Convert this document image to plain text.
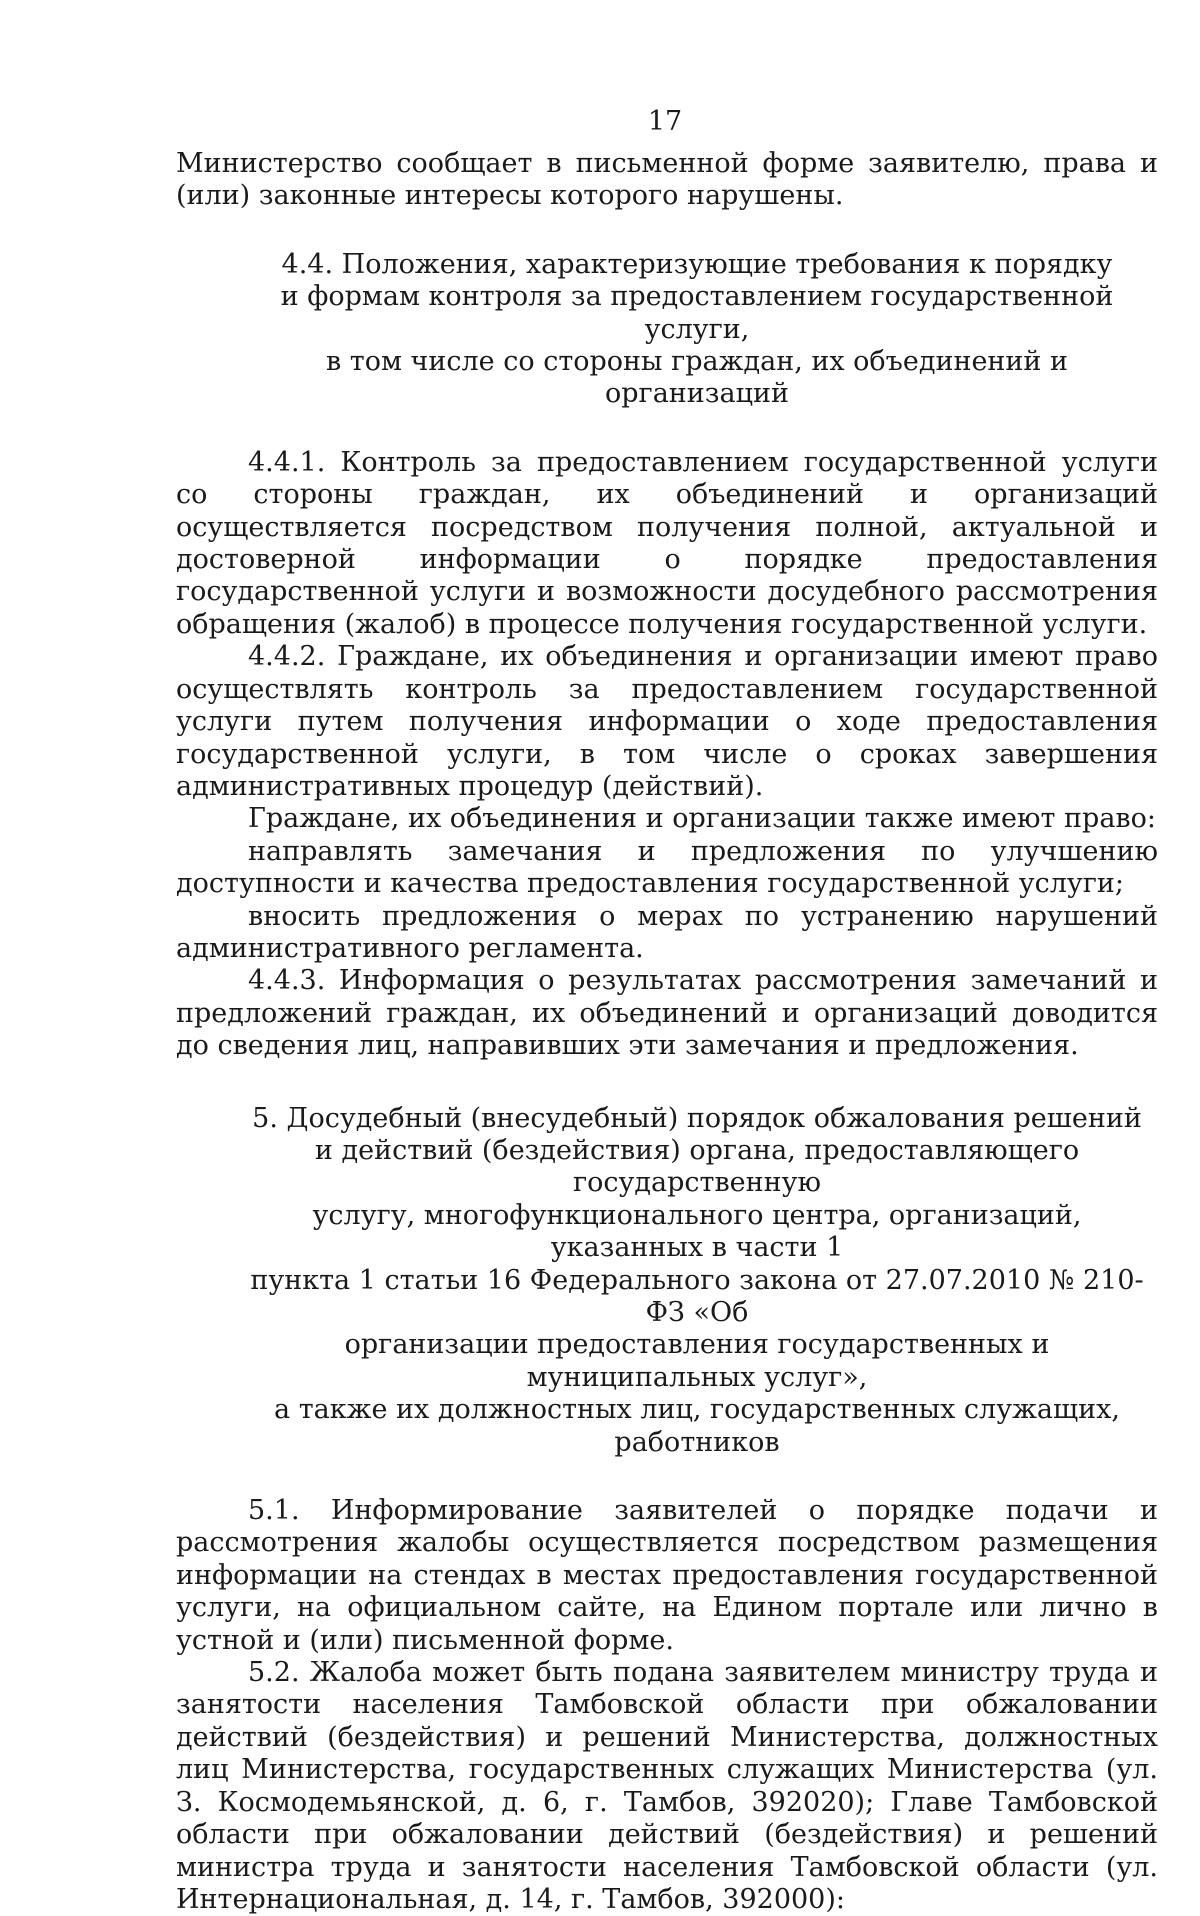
17

Министерство сообщает в письменной форме заявителю, права и (или) законные интересы которого нарушены.

4.4. Положения, характеризующие требования к порядку
и формам контроля за предоставлением государственной услуги,
в том числе со стороны граждан, их объединений и организаций

4.4.1. Контроль за предоставлением государственной услуги со стороны граждан, их объединений и организаций осуществляется посредством получения полной, актуальной и достоверной информации о порядке предоставления государственной услуги и возможности досудебного рассмотрения обращения (жалоб) в процессе получения государственной услуги.

4.4.2. Граждане, их объединения и организации имеют право осуществлять контроль за предоставлением государственной услуги путем получения информации о ходе предоставления государственной услуги, в том числе о сроках завершения административных процедур (действий).

Граждане, их объединения и организации также имеют право:

направлять замечания и предложения по улучшению доступности и качества предоставления государственной услуги;

вносить предложения о мерах по устранению нарушений административного регламента.

4.4.3. Информация о результатах рассмотрения замечаний и предложений граждан, их объединений и организаций доводится до сведения лиц, направивших эти замечания и предложения.

5. Досудебный (внесудебный) порядок обжалования решений
и действий (бездействия) органа, предоставляющего государственную
услугу, многофункционального центра, организаций, указанных в части 1
пункта 1 статьи 16 Федерального закона от 27.07.2010 № 210-ФЗ «Об
организации предоставления государственных и муниципальных услуг»,
а также их должностных лиц, государственных служащих, работников

5.1. Информирование заявителей о порядке подачи и рассмотрения жалобы осуществляется посредством размещения информации на стендах в местах предоставления государственной услуги, на официальном сайте, на Едином портале или лично в устной и (или) письменной форме.

5.2. Жалоба может быть подана заявителем министру труда и занятости населения Тамбовской области при обжаловании действий (бездействия) и решений Министерства, должностных лиц Министерства, государственных служащих Министерства (ул. З. Космодемьянской, д. 6, г. Тамбов, 392020); Главе Тамбовской области при обжаловании действий (бездействия) и решений министра труда и занятости населения Тамбовской области (ул. Интернациональная, д. 14, г. Тамбов, 392000):
